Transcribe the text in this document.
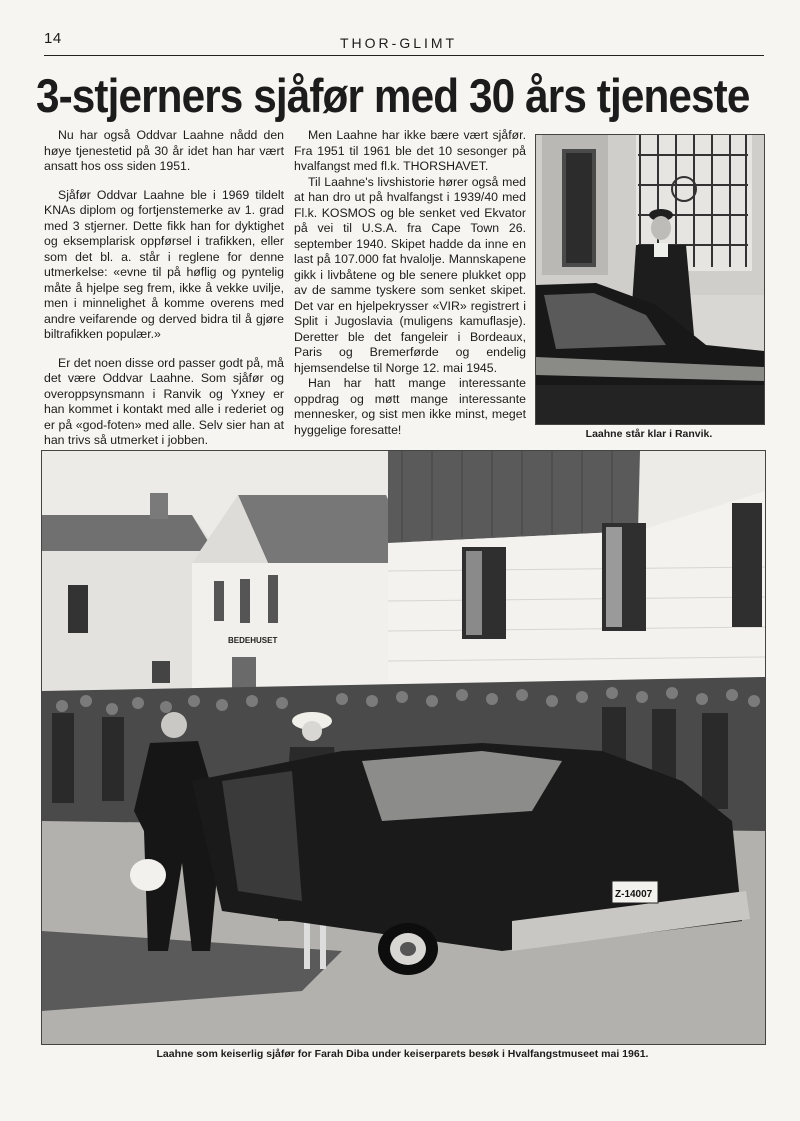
14	THOR-GLIMT
3-stjerners sjåfør med 30 års tjeneste

Nu har også Oddvar Laahne nådd den høye tjenestetid på 30 år idet han har vært ansatt hos oss siden 1951.

Sjåfør Oddvar Laahne ble i 1969 tildelt KNAs diplom og fortjenstemerke av 1. grad med 3 stjerner. Dette fikk han for dyktighet og eksemplarisk oppførsel i trafikken, eller som det bl. a. står i reglene for denne utmerkelse: «evne til på høflig og pyntelig måte å hjelpe seg frem, ikke å vekke uvilje, men i minnelighet å komme overens med andre veifarende og derved bidra til å gjøre biltrafikken populær.»

Er det noen disse ord passer godt på, må det være Oddvar Laahne. Som sjåfør og overoppsynsmann i Ranvik og Yxney er han kommet i kontakt med alle i rederiet og er på «god-foten» med alle. Selv sier han at han trivs så utmerket i jobben.

Men Laahne har ikke bære vært sjåfør. Fra 1951 til 1961 ble det 10 sesonger på hvalfangst med fl.k. THORSHAVET.

Til Laahne's livshistorie hører også med at han dro ut på hvalfangst i 1939/40 med Fl.k. KOSMOS og ble senket ved Ekvator på vei til U.S.A. fra Cape Town 26. september 1940. Skipet hadde da inne en last på 107.000 fat hvalolje. Mannskapene gikk i livbåtene og ble senere plukket opp av de samme tyskere som senket skipet. Det var en hjelpekrysser «VIR» registrert i Split i Jugoslavia (muligens kamuflasje). Deretter ble det fangeleir i Bordeaux, Paris og Bremerførde og endelig hjemsendelse til Norge 12. mai 1945.

Han har hatt mange interessante oppdrag og møtt mange interessante mennesker, og sist men ikke minst, meget hyggelige foresatte!	Laahne står klar i Ranvik.
BEDEHUSET
Z-14007
Laahne som keiserlig sjåfør for Farah Diba under keiserparets besøk i Hvalfangstmuseet mai 1961.
